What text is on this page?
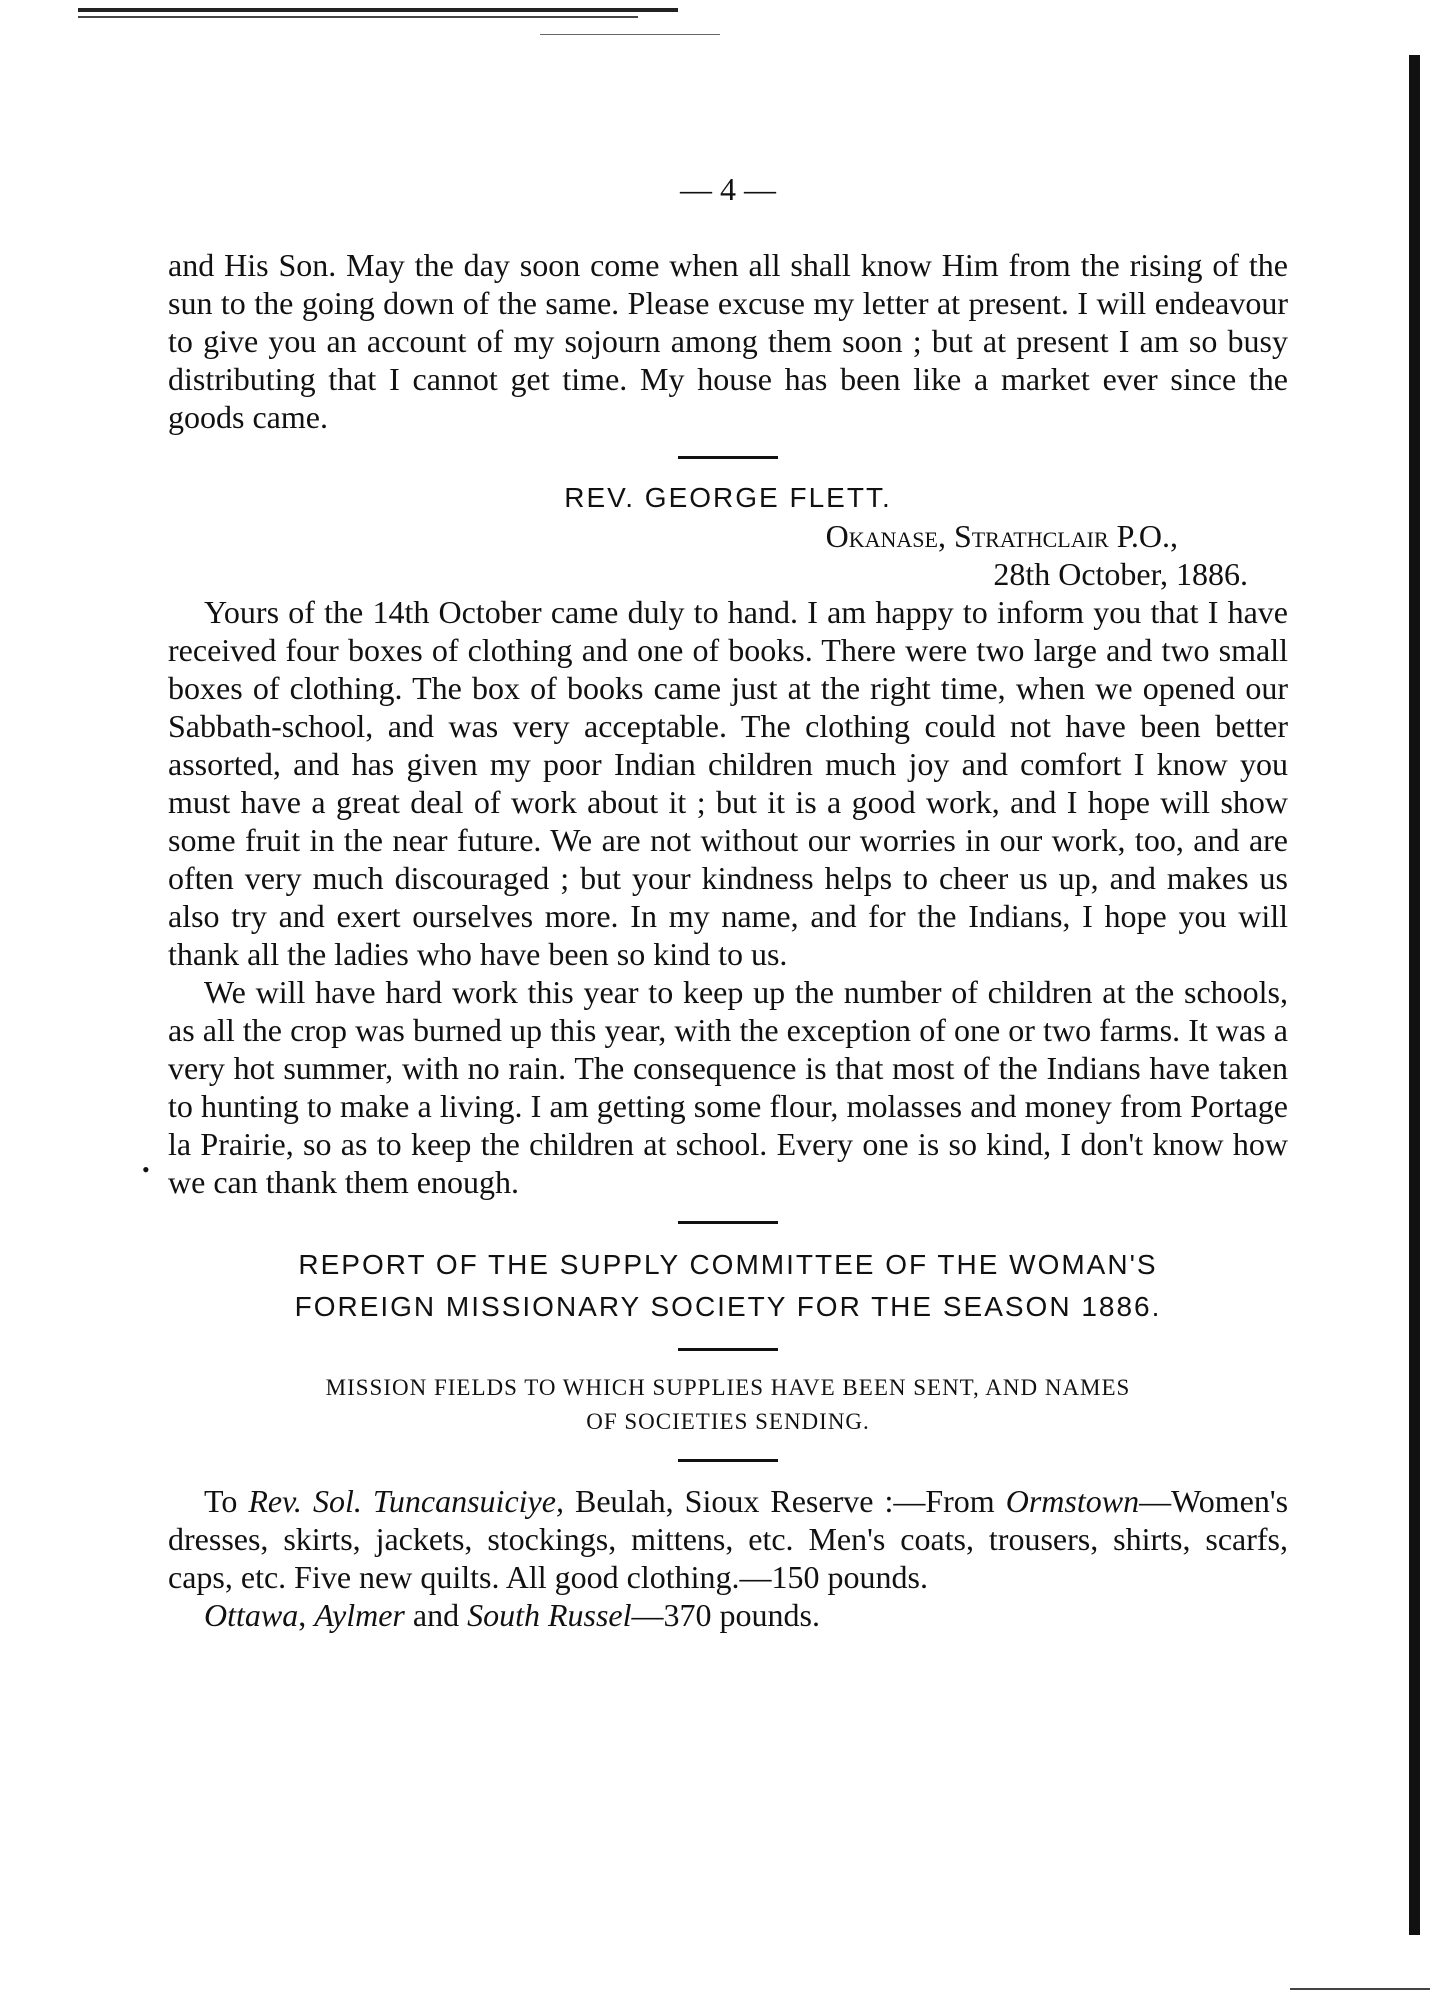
— 4 —

and His Son. May the day soon come when all shall know Him from the rising of the sun to the going down of the same. Please excuse my letter at present. I will endeavour to give you an account of my sojourn among them soon ; but at present I am so busy distributing that I cannot get time. My house has been like a market ever since the goods came.

REV. GEORGE FLETT.
Okanase, Strathclair P.O.,
28th October, 1886.

Yours of the 14th October came duly to hand. I am happy to inform you that I have received four boxes of clothing and one of books. There were two large and two small boxes of clothing. The box of books came just at the right time, when we opened our Sabbath-school, and was very acceptable. The clothing could not have been better assorted, and has given my poor Indian children much joy and comfort I know you must have a great deal of work about it ; but it is a good work, and I hope will show some fruit in the near future. We are not without our worries in our work, too, and are often very much discouraged ; but your kindness helps to cheer us up, and makes us also try and exert ourselves more. In my name, and for the Indians, I hope you will thank all the ladies who have been so kind to us.

•

We will have hard work this year to keep up the number of children at the schools, as all the crop was burned up this year, with the exception of one or two farms. It was a very hot summer, with no rain. The consequence is that most of the Indians have taken to hunting to make a living. I am getting some flour, molasses and money from Portage la Prairie, so as to keep the children at school. Every one is so kind, I don't know how we can thank them enough.

REPORT OF THE SUPPLY COMMITTEE OF THE WOMAN'S
FOREIGN MISSIONARY SOCIETY FOR THE SEASON 1886.
MISSION FIELDS TO WHICH SUPPLIES HAVE BEEN SENT, AND NAMES
OF SOCIETIES SENDING.

To Rev. Sol. Tuncansuiciye, Beulah, Sioux Reserve :—From Ormstown—Women's dresses, skirts, jackets, stockings, mittens, etc. Men's coats, trousers, shirts, scarfs, caps, etc. Five new quilts. All good clothing.—150 pounds.

Ottawa, Aylmer and South Russel—370 pounds.
